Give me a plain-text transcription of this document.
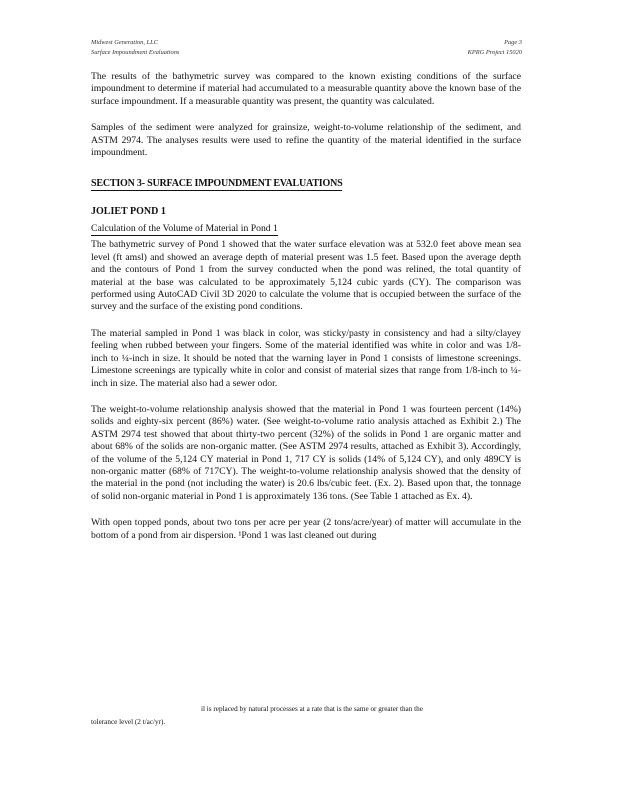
Midwest Generation, LLC
Surface Impoundment Evaluations
Page 3
KPRG Project 15020

The results of the bathymetric survey was compared to the known existing conditions of the surface impoundment to determine if material had accumulated to a measurable quantity above the known base of the surface impoundment. If a measurable quantity was present, the quantity was calculated.

Samples of the sediment were analyzed for grainsize, weight-to-volume relationship of the sediment, and ASTM 2974. The analyses results were used to refine the quantity of the material identified in the surface impoundment.

SECTION 3- SURFACE IMPOUNDMENT EVALUATIONS
JOLIET POND 1
Calculation of the Volume of Material in Pond 1

The bathymetric survey of Pond 1 showed that the water surface elevation was at 532.0 feet above mean sea level (ft amsl) and showed an average depth of material present was 1.5 feet. Based upon the average depth and the contours of Pond 1 from the survey conducted when the pond was relined, the total quantity of material at the base was calculated to be approximately 5,124 cubic yards (CY). The comparison was performed using AutoCAD Civil 3D 2020 to calculate the volume that is occupied between the surface of the survey and the surface of the existing pond conditions.

The material sampled in Pond 1 was black in color, was sticky/pasty in consistency and had a silty/clayey feeling when rubbed between your fingers. Some of the material identified was white in color and was 1/8-inch to ¼-inch in size. It should be noted that the warning layer in Pond 1 consists of limestone screenings. Limestone screenings are typically white in color and consist of material sizes that range from 1/8-inch to ¼-inch in size. The material also had a sewer odor.

The weight-to-volume relationship analysis showed that the material in Pond 1 was fourteen percent (14%) solids and eighty-six percent (86%) water. (See weight-to-volume ratio analysis attached as Exhibit 2.) The ASTM 2974 test showed that about thirty-two percent (32%) of the solids in Pond 1 are organic matter and about 68% of the solids are non-organic matter. (See ASTM 2974 results, attached as Exhibit 3). Accordingly, of the volume of the 5,124 CY material in Pond 1, 717 CY is solids (14% of 5,124 CY), and only 489CY is non-organic matter (68% of 717CY). The weight-to-volume relationship analysis showed that the density of the material in the pond (not including the water) is 20.6 lbs/cubic feet. (Ex. 2). Based upon that, the tonnage of solid non-organic material in Pond 1 is approximately 136 tons. (See Table 1 attached as Ex. 4).

With open topped ponds, about two tons per acre per year (2 tons/acre/year) of matter will accumulate in the bottom of a pond from air dispersion. ¹Pond 1 was last cleaned out during

il is replaced by natural processes at a rate that is the same or greater than the
tolerance level (2 t/ac/yr).
